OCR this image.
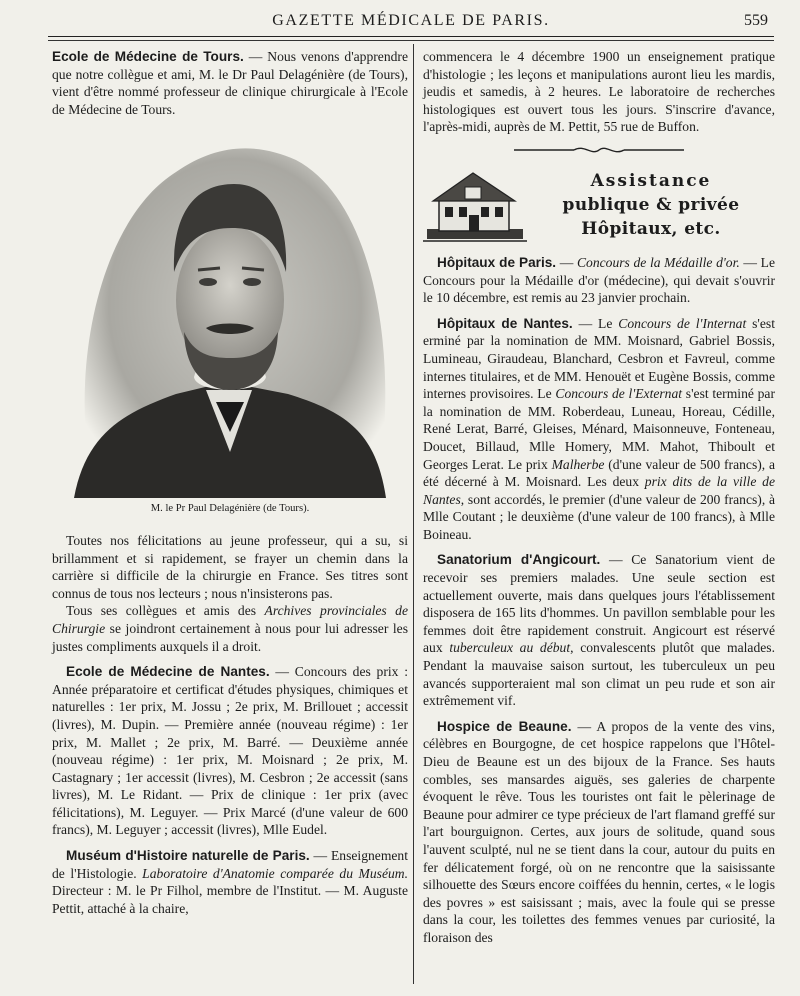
GAZETTE MÉDICALE DE PARIS.	559

Ecole de Médecine de Tours. — Nous venons d'apprendre que notre collègue et ami, M. le Dr Paul Delagénière (de Tours), vient d'être nommé professeur de clinique chirurgicale à l'Ecole de Médecine de Tours.

M. le Pr Paul Delagénière (de Tours).

Toutes nos félicitations au jeune professeur, qui a su, si brillamment et si rapidement, se frayer un chemin dans la carrière si difficile de la chirurgie en France. Ses titres sont connus de tous nos lecteurs ; nous n'insisterons pas.

Tous ses collègues et amis des Archives provinciales de Chirurgie se joindront certainement à nous pour lui adresser les justes compliments auxquels il a droit.

Ecole de Médecine de Nantes. — Concours des prix : Année préparatoire et certificat d'études physiques, chimiques et naturelles : 1er prix, M. Jossu ; 2e prix, M. Brillouet ; accessit (livres), M. Dupin. — Première année (nouveau régime) : 1er prix, M. Mallet ; 2e prix, M. Barré. — Deuxième année (nouveau régime) : 1er prix, M. Moisnard ; 2e prix, M. Castagnary ; 1er accessit (livres), M. Cesbron ; 2e accessit (sans livres), M. Le Ridant. — Prix de clinique : 1er prix (avec félicitations), M. Leguyer. — Prix Marcé (d'une valeur de 600 francs), M. Leguyer ; accessit (livres), Mlle Eudel.

Muséum d'Histoire naturelle de Paris. — Enseignement de l'Histologie. Laboratoire d'Anatomie comparée du Muséum. Directeur : M. le Pr Filhol, membre de l'Institut. — M. Auguste Pettit, attaché à la chaire,

commencera le 4 décembre 1900 un enseignement pratique d'histologie ; les leçons et manipulations auront lieu les mardis, jeudis et samedis, à 2 heures. Le laboratoire de recherches histologiques est ouvert tous les jours. S'inscrire d'avance, l'après-midi, auprès de M. Pettit, 55 rue de Buffon.

Assistance
publique & privée
Hôpitaux, etc.

Hôpitaux de Paris. — Concours de la Médaille d'or. — Le Concours pour la Médaille d'or (médecine), qui devait s'ouvrir le 10 décembre, est remis au 23 janvier prochain.

Hôpitaux de Nantes. — Le Concours de l'Internat s'est erminé par la nomination de MM. Moisnard, Gabriel Bossis, Lumineau, Giraudeau, Blanchard, Cesbron et Favreul, comme internes titulaires, et de MM. Henouët et Eugène Bossis, comme internes provisoires. Le Concours de l'Externat s'est terminé par la nomination de MM. Roberdeau, Luneau, Horeau, Cédille, René Lerat, Barré, Gleises, Ménard, Maisonneuve, Fonteneau, Doucet, Billaud, Mlle Homery, MM. Mahot, Thiboult et Georges Lerat. Le prix Malherbe (d'une valeur de 500 francs), a été décerné à M. Moisnard. Les deux prix dits de la ville de Nantes, sont accordés, le premier (d'une valeur de 200 francs), à Mlle Coutant ; le deuxième (d'une valeur de 100 francs), à Mlle Boineau.

Sanatorium d'Angicourt. — Ce Sanatorium vient de recevoir ses premiers malades. Une seule section est actuellement ouverte, mais dans quelques jours l'établissement disposera de 165 lits d'hommes. Un pavillon semblable pour les femmes doit être rapidement construit. Angicourt est réservé aux tuberculeux au début, convalescents plutôt que malades. Pendant la mauvaise saison surtout, les tuberculeux un peu avancés supporteraient mal son climat un peu rude et son air extrêmement vif.

Hospice de Beaune. — A propos de la vente des vins, célèbres en Bourgogne, de cet hospice rappelons que l'Hôtel-Dieu de Beaune est un des bijoux de la France. Ses hauts combles, ses mansardes aiguës, ses galeries de charpente évoquent le rêve. Tous les touristes ont fait le pèlerinage de Beaune pour admirer ce type précieux de l'art flamand greffé sur l'art bourguignon. Certes, aux jours de solitude, quand sous l'auvent sculpté, nul ne se tient dans la cour, autour du puits en fer délicatement forgé, où on ne rencontre que la saisissante silhouette des Sœurs encore coiffées du hennin, certes, « le logis des povres » est saisissant ; mais, avec la foule qui se presse dans la cour, les toilettes des femmes venues par curiosité, la floraison des
